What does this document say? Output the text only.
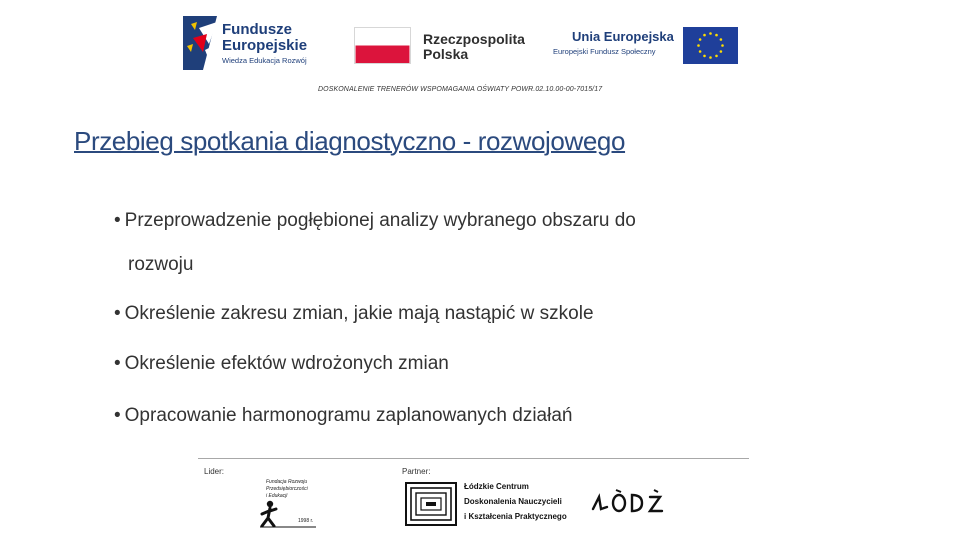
Fundusze
Europejskie
Wiedza Edukacja Rozwój
Rzeczpospolita
Polska
Unia Europejska
Europejski Fundusz Społeczny
DOSKONALENIE TRENERÓW WSPOMAGANIA OŚWIATY POWR.02.10.00-00-7015/17
Przebieg spotkania diagnostyczno - rozwojowego
• Przeprowadzenie pogłębionej analizy wybranego obszaru do
rozwoju
• Określenie zakresu zmian, jakie mają nastąpić w szkole
• Określenie efektów wdrożonych zmian
• Opracowanie harmonogramu zaplanowanych działań
Lider:	Partner:
Fundacja Rozwoju
Przedsiębiorczości
i Edukacji
1998 r.
Łódzkie Centrum
Doskonalenia Nauczycieli
i Kształcenia Praktycznego
